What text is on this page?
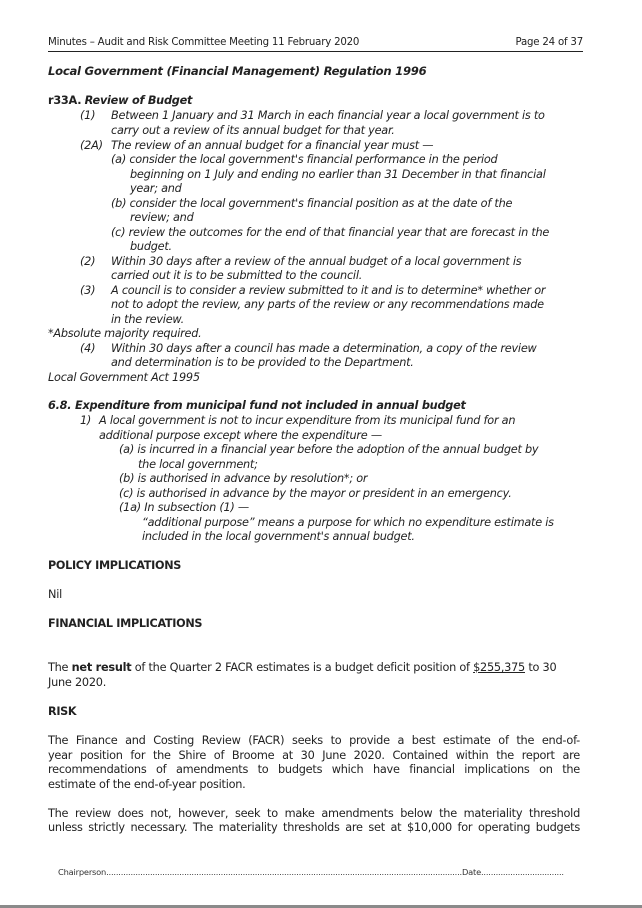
Minutes – Audit and Risk Committee Meeting 11 February 2020	Page 24 of 37
Local Government (Financial Management) Regulation 1996
r33A. Review of Budget
(1) Between 1 January and 31 March in each financial year a local government is to
carry out a review of its annual budget for that year.
(2A) The review of an annual budget for a financial year must —
(a) consider the local government's financial performance in the period
beginning on 1 July and ending no earlier than 31 December in that financial
year; and
(b) consider the local government's financial position as at the date of the
review; and
(c) review the outcomes for the end of that financial year that are forecast in the
budget.
(2) Within 30 days after a review of the annual budget of a local government is
carried out it is to be submitted to the council.
(3) A council is to consider a review submitted to it and is to determine* whether or
not to adopt the review, any parts of the review or any recommendations made
in the review.
*Absolute majority required.
(4) Within 30 days after a council has made a determination, a copy of the review
and determination is to be provided to the Department.
Local Government Act 1995
6.8. Expenditure from municipal fund not included in annual budget
1) A local government is not to incur expenditure from its municipal fund for an
additional purpose except where the expenditure —
(a) is incurred in a financial year before the adoption of the annual budget by
the local government;
(b) is authorised in advance by resolution*; or
(c) is authorised in advance by the mayor or president in an emergency.
(1a) In subsection (1) —
“additional purpose” means a purpose for which no expenditure estimate is
included in the local government's annual budget.
POLICY IMPLICATIONS
Nil
FINANCIAL IMPLICATIONS
The net result of the Quarter 2 FACR estimates is a budget deficit position of $255,375 to 30
June 2020.
RISK
The Finance and Costing Review (FACR) seeks to provide a best estimate of the end-of-
year position for the Shire of Broome at 30 June 2020. Contained within the report are
recommendations of amendments to budgets which have financial implications on the
estimate of the end-of-year position.
The review does not, however, seek to make amendments below the materiality threshold
unless strictly necessary. The materiality thresholds are set at $10,000 for operating budgets
Chairperson..................................................................................................................................................Date..................................
